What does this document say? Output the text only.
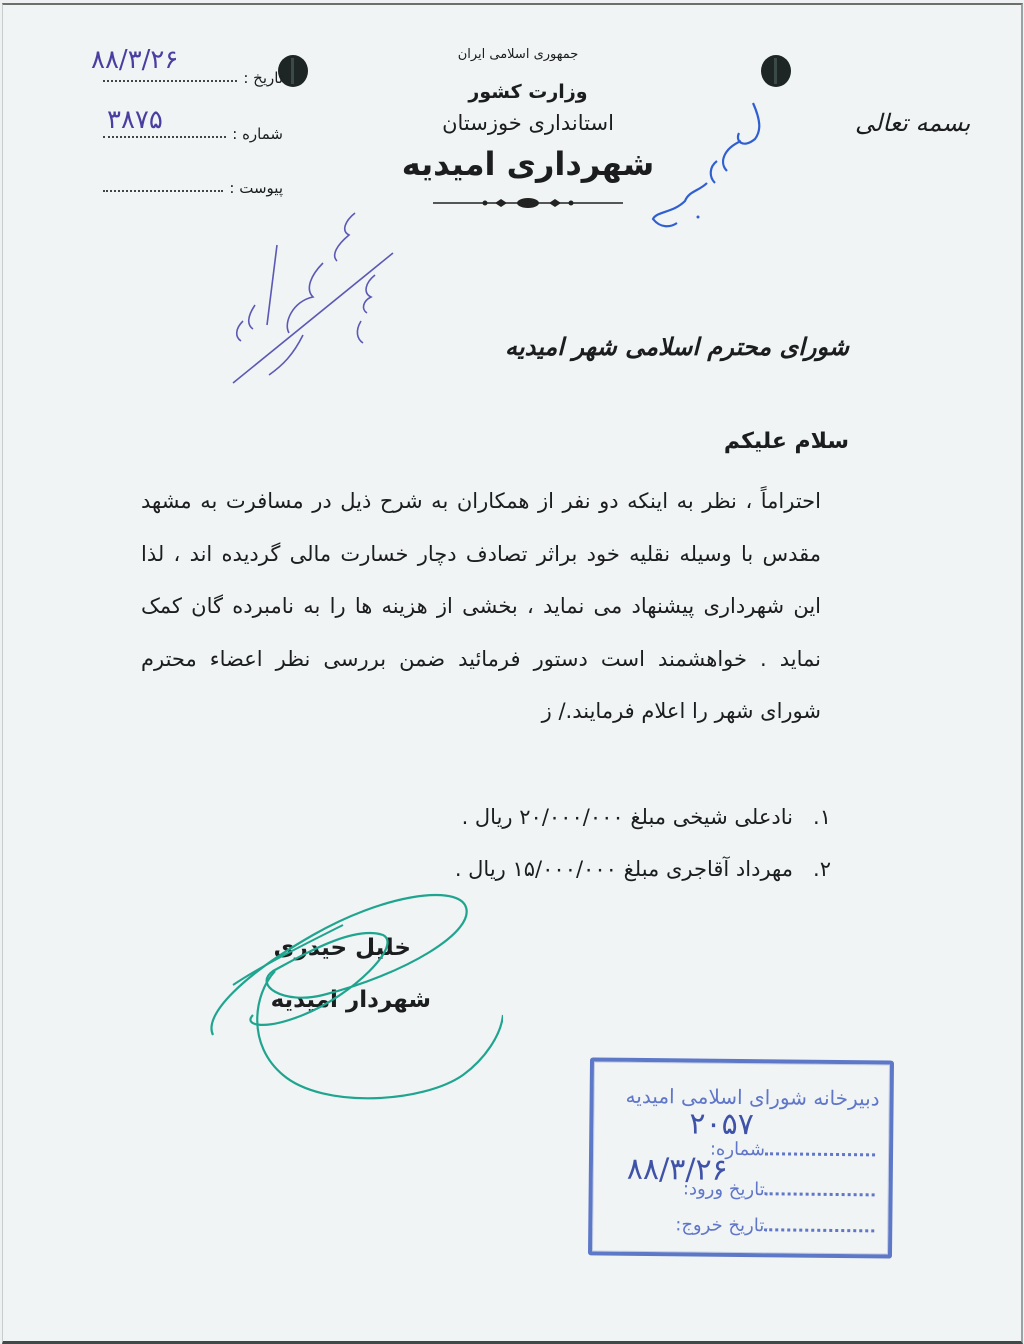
جمهوری اسلامی ایران
وزارت کشور
استانداری خوزستان
شهرداری امیدیه
بسمه تعالی
تاریخ :
۸۸/۳/۲۶
شماره :
۳۸۷۵
پیوست :
شورای محترم اسلامی شهر امیدیه
سلام علیکم
احتراماً ، نظر به اینکه دو نفر از همکاران به شرح ذیل در مسافرت به مشهد مقدس با وسیله نقلیه خود براثر تصادف دچار خسارت مالی گردیده اند ، لذا این شهرداری پیشنهاد می نماید ، بخشی از هزینه ها را به نامبرده گان کمک نماید . خواهشمند است دستور فرمائید ضمن بررسی نظر اعضاء محترم شورای شهر را اعلام فرمایند./ ز
۱.   نادعلی شیخی مبلغ ۲۰/۰۰۰/۰۰۰ ریال .
۲.   مهرداد آقاجری مبلغ ۱۵/۰۰۰/۰۰۰ ریال .
خلیل حیدری
شهردار امیدیه
دبیرخانه شورای اسلامی امیدیه
شماره:
۲۰۵۷
تاریخ ورود:
۸۸/۳/۲۶
تاریخ خروج:
